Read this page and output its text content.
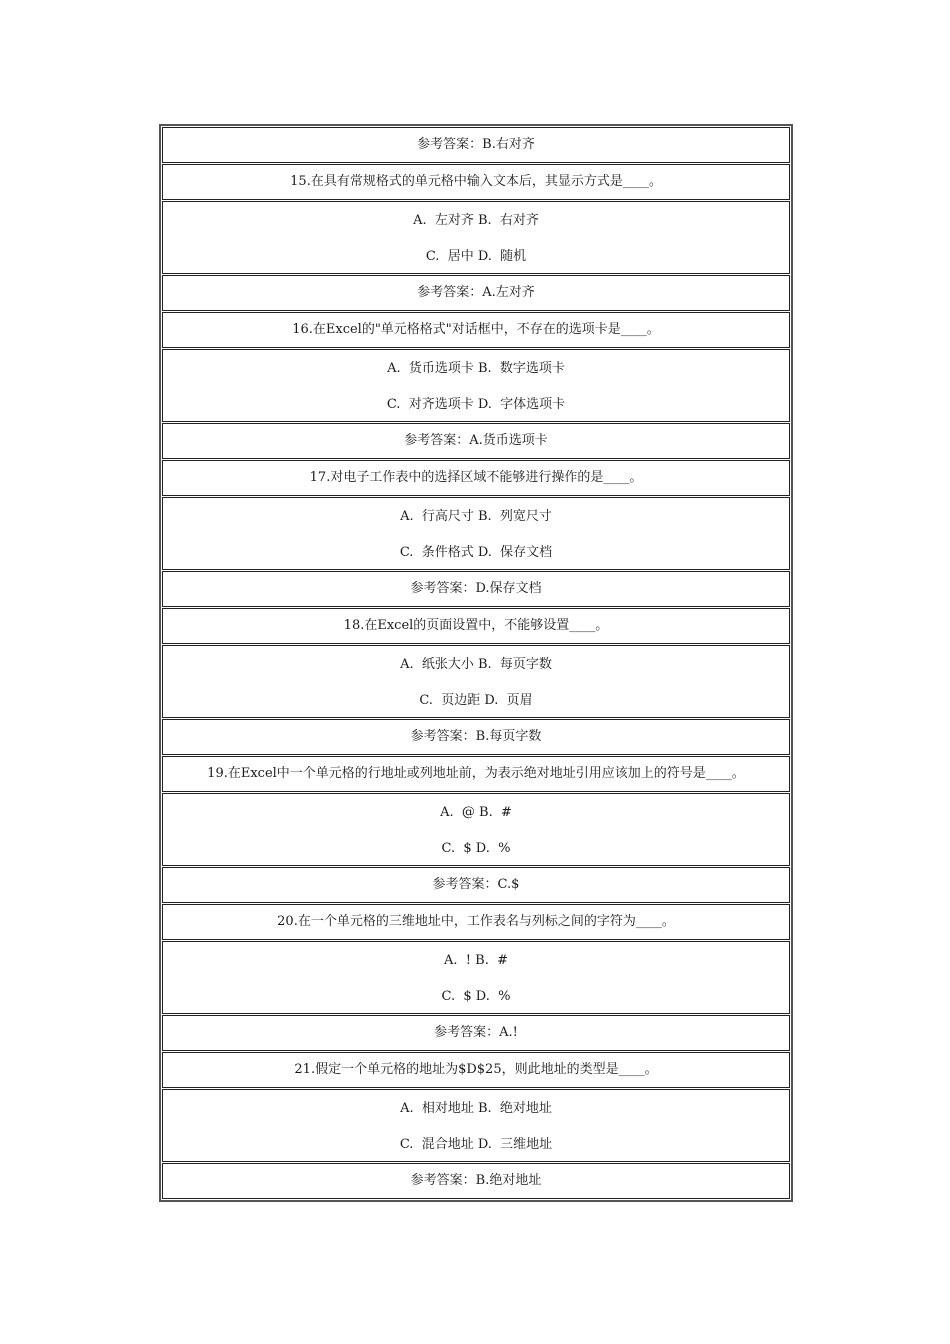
参考答案：B.右对齐
15.在具有常规格式的单元格中输入文本后，其显示方式是____。
A.  左对齐 B.  右对齐
C.  居中 D.  随机
参考答案：A.左对齐
16.在Excel的"单元格格式"对话框中，不存在的选项卡是____。
A.  货币选项卡 B.  数字选项卡
C.  对齐选项卡 D.  字体选项卡
参考答案：A.货币选项卡
17.对电子工作表中的选择区域不能够进行操作的是____。
A.  行高尺寸 B.  列宽尺寸
C.  条件格式 D.  保存文档
参考答案：D.保存文档
18.在Excel的页面设置中，不能够设置____。
A.  纸张大小 B.  每页字数
C.  页边距 D.  页眉
参考答案：B.每页字数
19.在Excel中一个单元格的行地址或列地址前，为表示绝对地址引用应该加上的符号是____。
A.  @ B.  #
C.  $ D.  %
参考答案：C.$
20.在一个单元格的三维地址中，工作表名与列标之间的字符为____。
A.  ! B.  #
C.  $ D.  %
参考答案：A.!
21.假定一个单元格的地址为$D$25，则此地址的类型是____。
A.  相对地址 B.  绝对地址
C.  混合地址 D.  三维地址
参考答案：B.绝对地址
